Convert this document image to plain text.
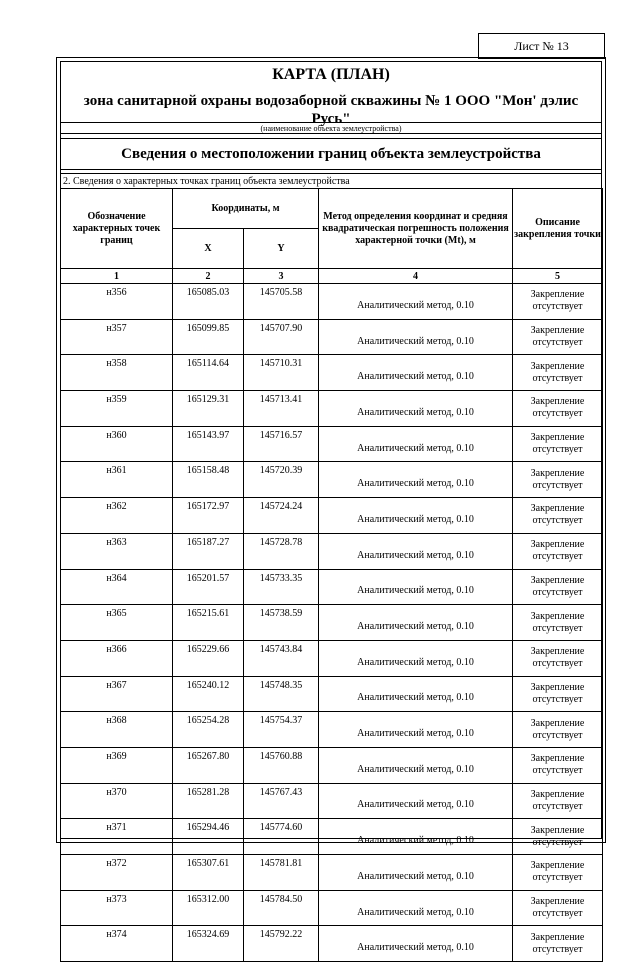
Лист № 13
КАРТА (ПЛАН)
зона санитарной охраны водозаборной скважины № 1 ООО "Мон' дэлис Русь"
(наименование объекта землеустройства)
Сведения о местоположении границ объекта землеустройства
2. Сведения о характерных точках границ объекта землеустройства
Обозначение характерных точек границ	Координаты, м		Метод определения координат и средняя квадратическая погрешность положения характерной точки (Mt), м	Описание закрепления точки
	X	Y		
1	2	3	4	5
н356	165085.03	145705.58	Аналитический метод, 0.10	Закрепление отсутствует
н357	165099.85	145707.90	Аналитический метод, 0.10	Закрепление отсутствует
н358	165114.64	145710.31	Аналитический метод, 0.10	Закрепление отсутствует
н359	165129.31	145713.41	Аналитический метод, 0.10	Закрепление отсутствует
н360	165143.97	145716.57	Аналитический метод, 0.10	Закрепление отсутствует
н361	165158.48	145720.39	Аналитический метод, 0.10	Закрепление отсутствует
н362	165172.97	145724.24	Аналитический метод, 0.10	Закрепление отсутствует
н363	165187.27	145728.78	Аналитический метод, 0.10	Закрепление отсутствует
н364	165201.57	145733.35	Аналитический метод, 0.10	Закрепление отсутствует
н365	165215.61	145738.59	Аналитический метод, 0.10	Закрепление отсутствует
н366	165229.66	145743.84	Аналитический метод, 0.10	Закрепление отсутствует
н367	165240.12	145748.35	Аналитический метод, 0.10	Закрепление отсутствует
н368	165254.28	145754.37	Аналитический метод, 0.10	Закрепление отсутствует
н369	165267.80	145760.88	Аналитический метод, 0.10	Закрепление отсутствует
н370	165281.28	145767.43	Аналитический метод, 0.10	Закрепление отсутствует
н371	165294.46	145774.60	Аналитический метод, 0.10	Закрепление отсутствует
н372	165307.61	145781.81	Аналитический метод, 0.10	Закрепление отсутствует
н373	165312.00	145784.50	Аналитический метод, 0.10	Закрепление отсутствует
н374	165324.69	145792.22	Аналитический метод, 0.10	Закрепление отсутствует
